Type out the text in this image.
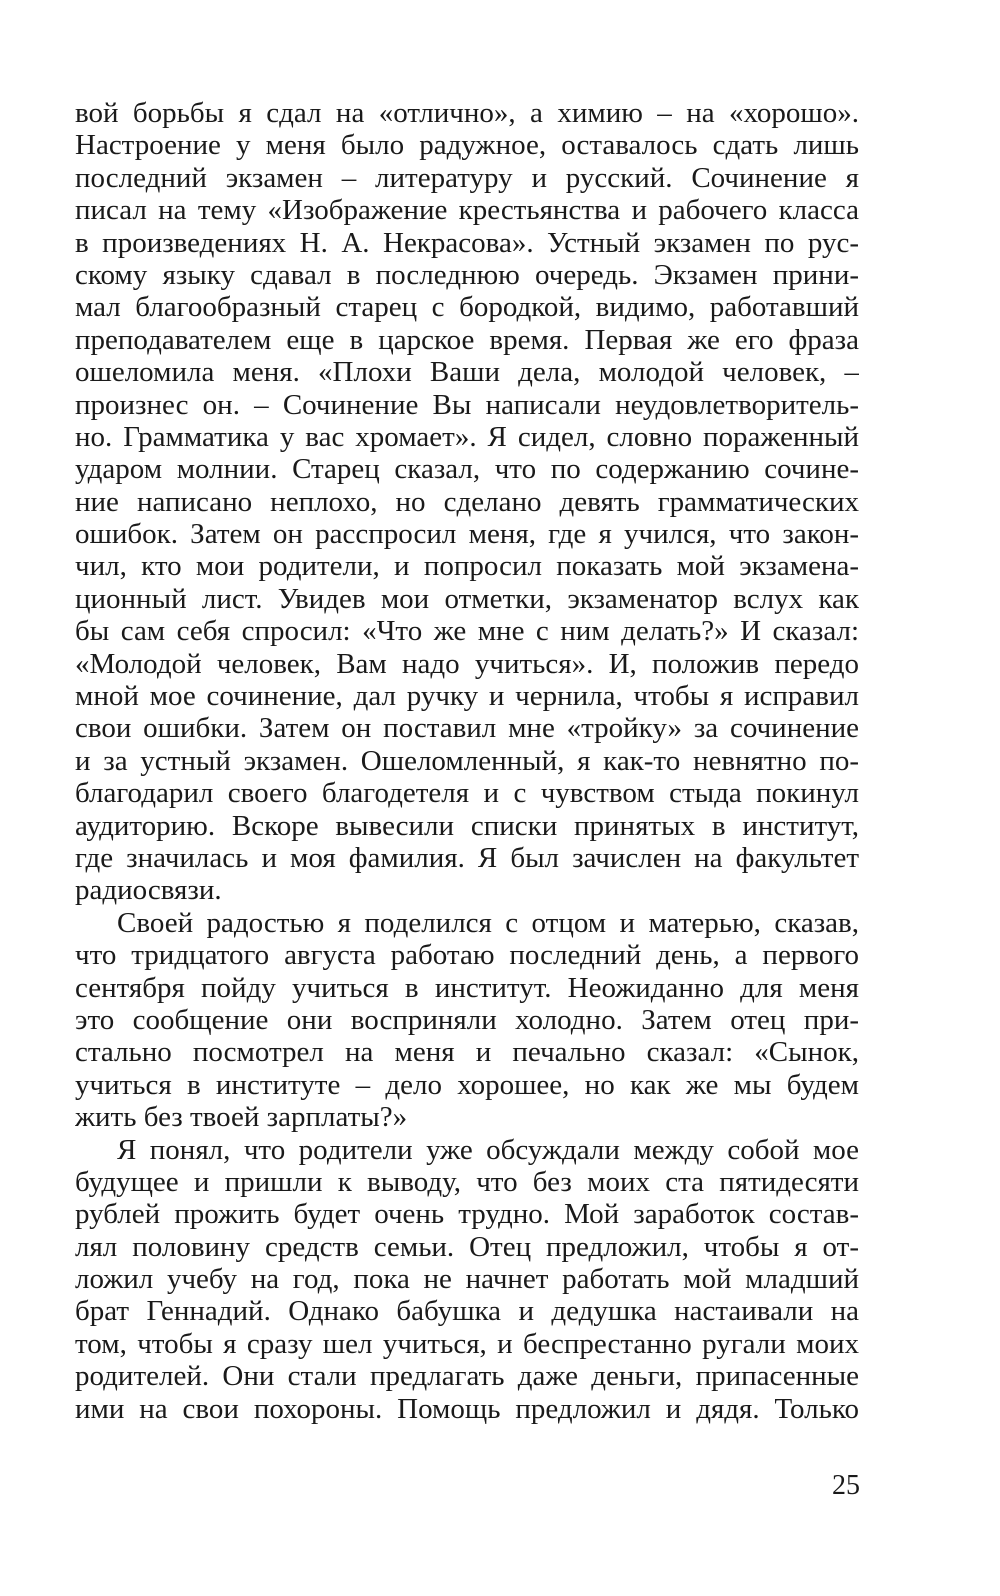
вой борьбы я сдал на «отлично», а химию – на «хорошо».
Настроение у меня было радужное, оставалось сдать лишь
последний экзамен – литературу и русский. Сочинение я
писал на тему «Изображение крестьянства и рабочего класса
в произведениях Н. А. Некрасова». Устный экзамен по рус-
скому языку сдавал в последнюю очередь. Экзамен прини-
мал благообразный старец с бородкой, видимо, работавший
преподавателем еще в царское время. Первая же его фраза
ошеломила меня. «Плохи Ваши дела, молодой человек, –
произнес он. – Сочинение Вы написали неудовлетворитель-
но. Грамматика у вас хромает». Я сидел, словно пораженный
ударом молнии. Старец сказал, что по содержанию сочине-
ние написано неплохо, но сделано девять грамматических
ошибок. Затем он расспросил меня, где я учился, что закон-
чил, кто мои родители, и попросил показать мой экзамена-
ционный лист. Увидев мои отметки, экзаменатор вслух как
бы сам себя спросил: «Что же мне с ним делать?» И сказал:
«Молодой человек, Вам надо учиться». И, положив передо
мной мое сочинение, дал ручку и чернила, чтобы я исправил
свои ошибки. Затем он поставил мне «тройку» за сочинение
и за устный экзамен. Ошеломленный, я как-то невнятно по-
благодарил своего благодетеля и с чувством стыда покинул
аудиторию. Вскоре вывесили списки принятых в институт,
где значилась и моя фамилия. Я был зачислен на факультет
радиосвязи.
Своей радостью я поделился с отцом и матерью, сказав,
что тридцатого августа работаю последний день, а первого
сентября пойду учиться в институт. Неожиданно для меня
это сообщение они восприняли холодно. Затем отец при-
стально посмотрел на меня и печально сказал: «Сынок,
учиться в институте – дело хорошее, но как же мы будем
жить без твоей зарплаты?»
Я понял, что родители уже обсуждали между собой мое
будущее и пришли к выводу, что без моих ста пятидесяти
рублей прожить будет очень трудно. Мой заработок состав-
лял половину средств семьи. Отец предложил, чтобы я от-
ложил учебу на год, пока не начнет работать мой младший
брат Геннадий. Однако бабушка и дедушка настаивали на
том, чтобы я сразу шел учиться, и беспрестанно ругали моих
родителей. Они стали предлагать даже деньги, припасенные
ими на свои похороны. Помощь предложил и дядя. Только
25
